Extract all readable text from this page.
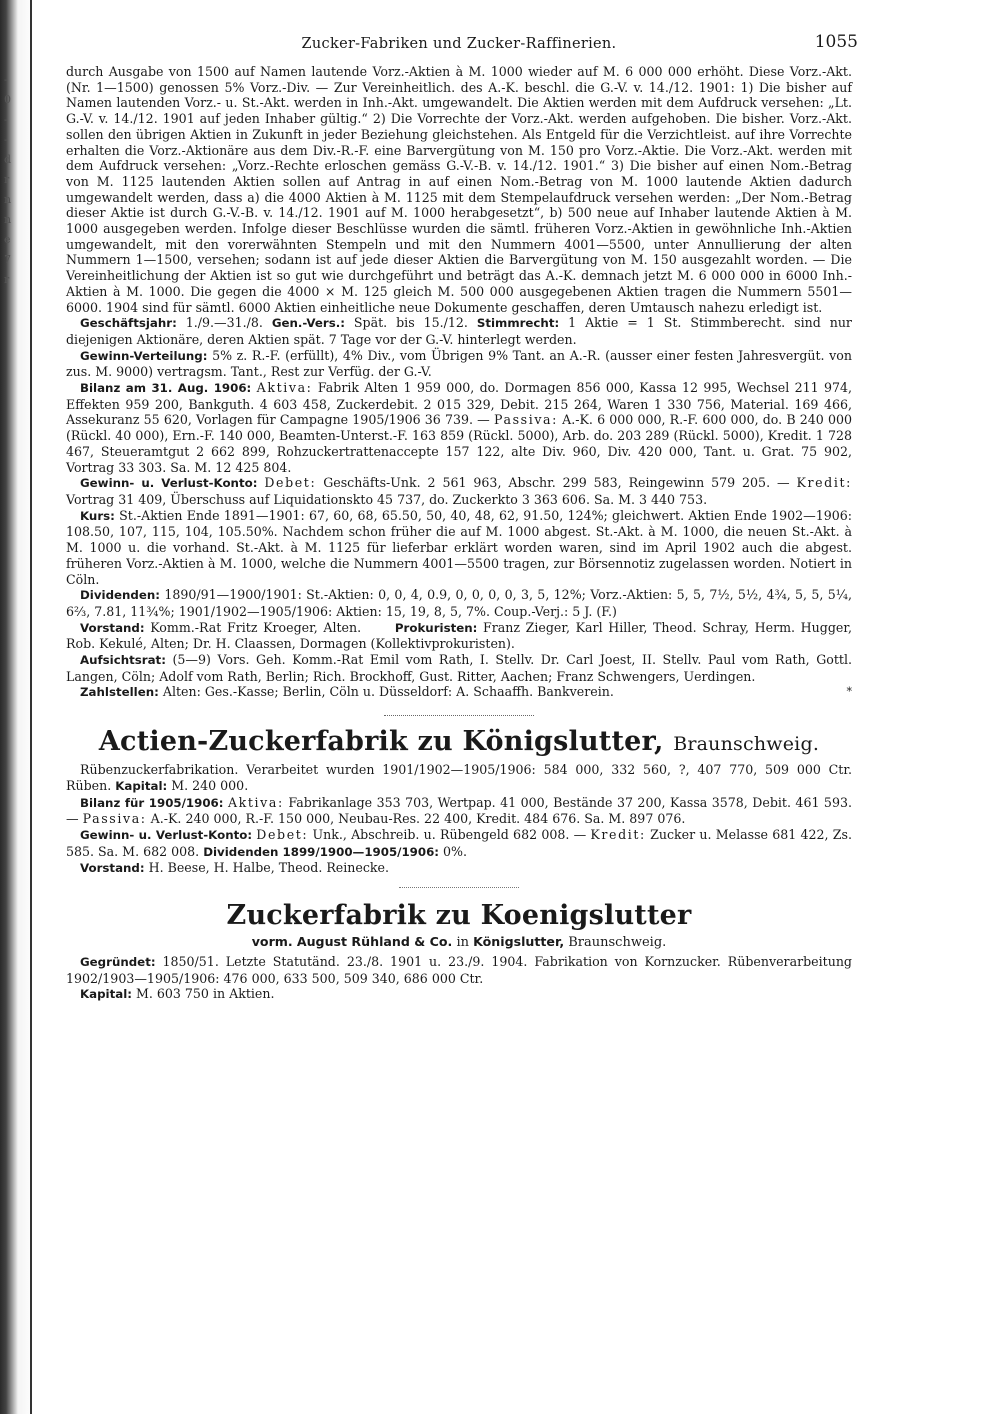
-
0
-
-
d
r
n
n
e
7
r
Zucker-Fabriken und Zucker-Raffinerien.	1055

durch Ausgabe von 1500 auf Namen lautende Vorz.-Aktien à M. 1000 wieder auf M. 6 000 000 erhöht. Diese Vorz.-Akt. (Nr. 1—1500) genossen 5% Vorz.-Div. — Zur Vereinheitlich. des A.-K. beschl. die G.-V. v. 14./12. 1901: 1) Die bisher auf Namen lautenden Vorz.- u. St.-Akt. werden in Inh.-Akt. umgewandelt. Die Aktien werden mit dem Aufdruck versehen: „Lt. G.-V. v. 14./12. 1901 auf jeden Inhaber gültig.“ 2) Die Vorrechte der Vorz.-Akt. werden aufgehoben. Die bisher. Vorz.-Akt. sollen den übrigen Aktien in Zukunft in jeder Beziehung gleichstehen. Als Entgeld für die Verzichtleist. auf ihre Vorrechte erhalten die Vorz.-Aktionäre aus dem Div.-R.-F. eine Barvergütung von M. 150 pro Vorz.-Aktie. Die Vorz.-Akt. werden mit dem Aufdruck versehen: „Vorz.-Rechte erloschen gemäss G.-V.-B. v. 14./12. 1901.“ 3) Die bisher auf einen Nom.-Betrag von M. 1125 lautenden Aktien sollen auf Antrag in auf einen Nom.-Betrag von M. 1000 lautende Aktien dadurch umgewandelt werden, dass a) die 4000 Aktien à M. 1125 mit dem Stempelaufdruck versehen werden: „Der Nom.-Betrag dieser Aktie ist durch G.-V.-B. v. 14./12. 1901 auf M. 1000 herabgesetzt“, b) 500 neue auf Inhaber lautende Aktien à M. 1000 ausgegeben werden. Infolge dieser Beschlüsse wurden die sämtl. früheren Vorz.-Aktien in gewöhnliche Inh.-Aktien umgewandelt, mit den vorerwähnten Stempeln und mit den Nummern 4001—5500, unter Annullierung der alten Nummern 1—1500, versehen; sodann ist auf jede dieser Aktien die Barvergütung von M. 150 ausgezahlt worden. — Die Vereinheitlichung der Aktien ist so gut wie durchgeführt und beträgt das A.-K. demnach jetzt M. 6 000 000 in 6000 Inh.-Aktien à M. 1000. Die gegen die 4000 × M. 125 gleich M. 500 000 ausgegebenen Aktien tragen die Nummern 5501—6000. 1904 sind für sämtl. 6000 Aktien einheitliche neue Dokumente geschaffen, deren Umtausch nahezu erledigt ist.

Geschäftsjahr: 1./9.—31./8. Gen.-Vers.: Spät. bis 15./12. Stimmrecht: 1 Aktie = 1 St. Stimmberecht. sind nur diejenigen Aktionäre, deren Aktien spät. 7 Tage vor der G.-V. hinterlegt werden.

Gewinn-Verteilung: 5% z. R.-F. (erfüllt), 4% Div., vom Übrigen 9% Tant. an A.-R. (ausser einer festen Jahresvergüt. von zus. M. 9000) vertragsm. Tant., Rest zur Verfüg. der G.-V.

Bilanz am 31. Aug. 1906: Aktiva: Fabrik Alten 1 959 000, do. Dormagen 856 000, Kassa 12 995, Wechsel 211 974, Effekten 959 200, Bankguth. 4 603 458, Zuckerdebit. 2 015 329, Debit. 215 264, Waren 1 330 756, Material. 169 466, Assekuranz 55 620, Vorlagen für Campagne 1905/1906 36 739. — Passiva: A.-K. 6 000 000, R.-F. 600 000, do. B 240 000 (Rückl. 40 000), Ern.-F. 140 000, Beamten-Unterst.-F. 163 859 (Rückl. 5000), Arb. do. 203 289 (Rückl. 5000), Kredit. 1 728 467, Steueramtgut 2 662 899, Rohzuckertrattenaccepte 157 122, alte Div. 960, Div. 420 000, Tant. u. Grat. 75 902, Vortrag 33 303. Sa. M. 12 425 804.

Gewinn- u. Verlust-Konto: Debet: Geschäfts-Unk. 2 561 963, Abschr. 299 583, Reingewinn 579 205. — Kredit: Vortrag 31 409, Überschuss auf Liquidationskto 45 737, do. Zuckerkto 3 363 606. Sa. M. 3 440 753.

Kurs: St.-Aktien Ende 1891—1901: 67, 60, 68, 65.50, 50, 40, 48, 62, 91.50, 124%; gleichwert. Aktien Ende 1902—1906: 108.50, 107, 115, 104, 105.50%. Nachdem schon früher die auf M. 1000 abgest. St.-Akt. à M. 1000, die neuen St.-Akt. à M. 1000 u. die vorhand. St.-Akt. à M. 1125 für lieferbar erklärt worden waren, sind im April 1902 auch die abgest. früheren Vorz.-Aktien à M. 1000, welche die Nummern 4001—5500 tragen, zur Börsennotiz zugelassen worden. Notiert in Cöln.

Dividenden: 1890/91—1900/1901: St.-Aktien: 0, 0, 4, 0.9, 0, 0, 0, 0, 3, 5, 12%; Vorz.-Aktien: 5, 5, 7½, 5½, 4¾, 5, 5, 5¼, 6⅔, 7.81, 11¾%; 1901/1902—1905/1906: Aktien: 15, 19, 8, 5, 7%. Coup.-Verj.: 5 J. (F.)

Vorstand: Komm.-Rat Fritz Kroeger, Alten.	Prokuristen: Franz Zieger, Karl Hiller, Theod. Schray, Herm. Hugger, Rob. Kekulé, Alten; Dr. H. Claassen, Dormagen (Kollektivprokuristen).

Aufsichtsrat: (5—9) Vors. Geh. Komm.-Rat Emil vom Rath, I. Stellv. Dr. Carl Joest, II. Stellv. Paul vom Rath, Gottl. Langen, Cöln; Adolf vom Rath, Berlin; Rich. Brockhoff, Gust. Ritter, Aachen; Franz Schwengers, Uerdingen.

Zahlstellen: Alten: Ges.-Kasse; Berlin, Cöln u. Düsseldorf: A. Schaaffh. Bankverein.	*

Actien-Zuckerfabrik zu Königslutter, Braunschweig.

Rübenzuckerfabrikation. Verarbeitet wurden 1901/1902—1905/1906: 584 000, 332 560, ?, 407 770, 509 000 Ctr. Rüben. Kapital: M. 240 000.

Bilanz für 1905/1906: Aktiva: Fabrikanlage 353 703, Wertpap. 41 000, Bestände 37 200, Kassa 3578, Debit. 461 593. — Passiva: A.-K. 240 000, R.-F. 150 000, Neubau-Res. 22 400, Kredit. 484 676. Sa. M. 897 076.

Gewinn- u. Verlust-Konto: Debet: Unk., Abschreib. u. Rübengeld 682 008. — Kredit: Zucker u. Melasse 681 422, Zs. 585. Sa. M. 682 008. Dividenden 1899/1900—1905/1906: 0%.

Vorstand: H. Beese, H. Halbe, Theod. Reinecke.

Zuckerfabrik zu Koenigslutter
vorm. August Rühland & Co. in Königslutter, Braunschweig.

Gegründet: 1850/51. Letzte Statutänd. 23./8. 1901 u. 23./9. 1904. Fabrikation von Kornzucker. Rübenverarbeitung 1902/1903—1905/1906: 476 000, 633 500, 509 340, 686 000 Ctr.

Kapital: M. 603 750 in Aktien.
